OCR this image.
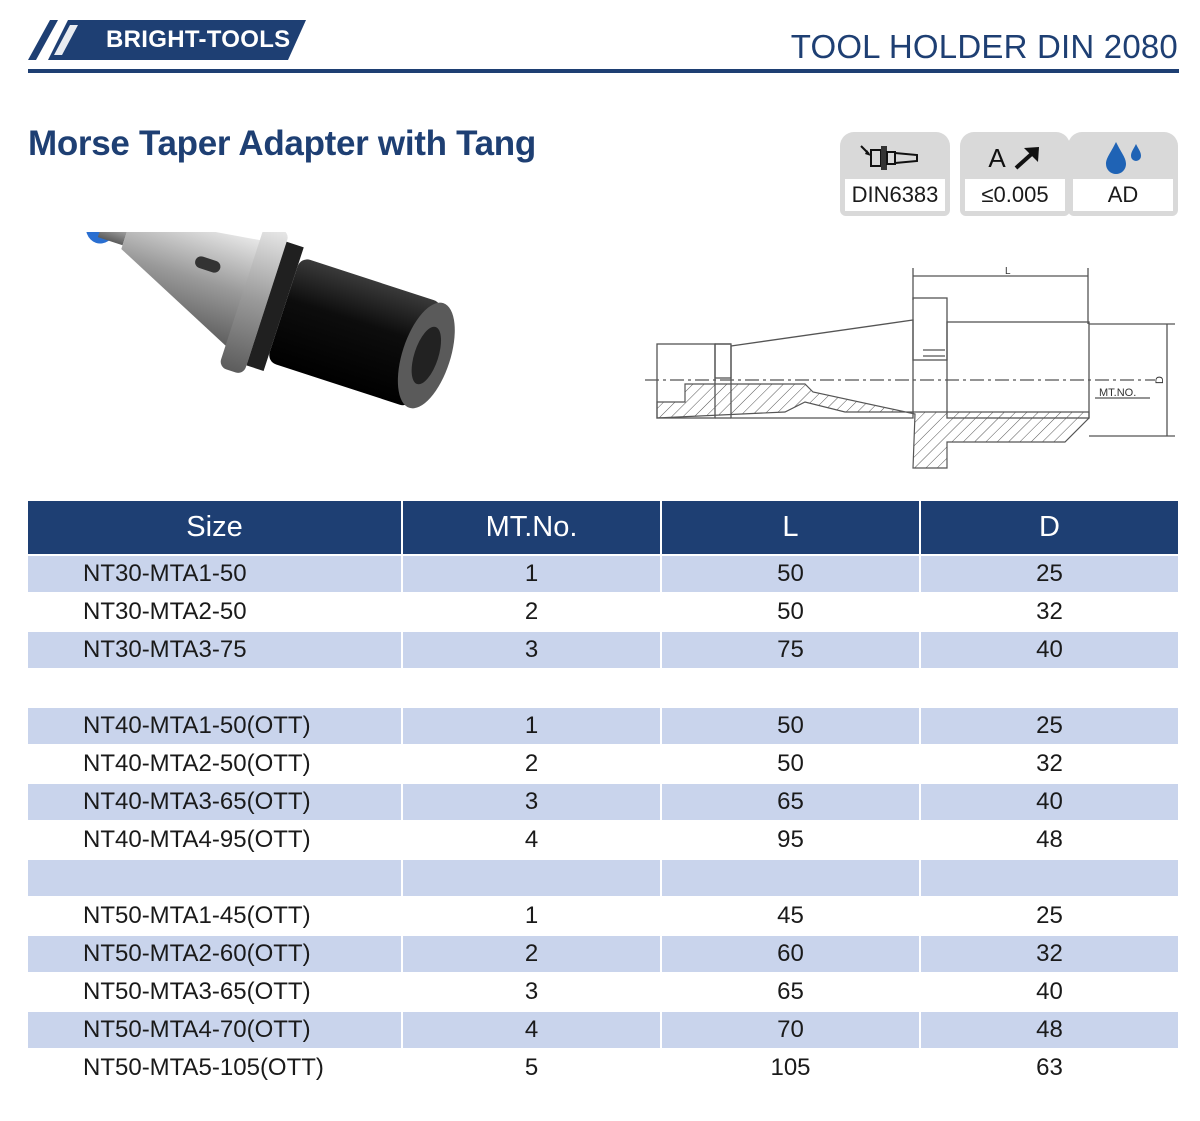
BRIGHT-TOOLS	TOOL HOLDER DIN 2080
Morse Taper Adapter with Tang
DIN6383
A
≤0.005	AD
L
D
MT.NO.
Size	MT.No.	L	D
NT30-MTA1-50	1	50	25
NT30-MTA2-50	2	50	32
NT30-MTA3-75	3	75	40

NT40-MTA1-50(OTT)	1	50	25
NT40-MTA2-50(OTT)	2	50	32
NT40-MTA3-65(OTT)	3	65	40
NT40-MTA4-95(OTT)	4	95	48

NT50-MTA1-45(OTT)	1	45	25
NT50-MTA2-60(OTT)	2	60	32
NT50-MTA3-65(OTT)	3	65	40
NT50-MTA4-70(OTT)	4	70	48
NT50-MTA5-105(OTT)	5	105	63
